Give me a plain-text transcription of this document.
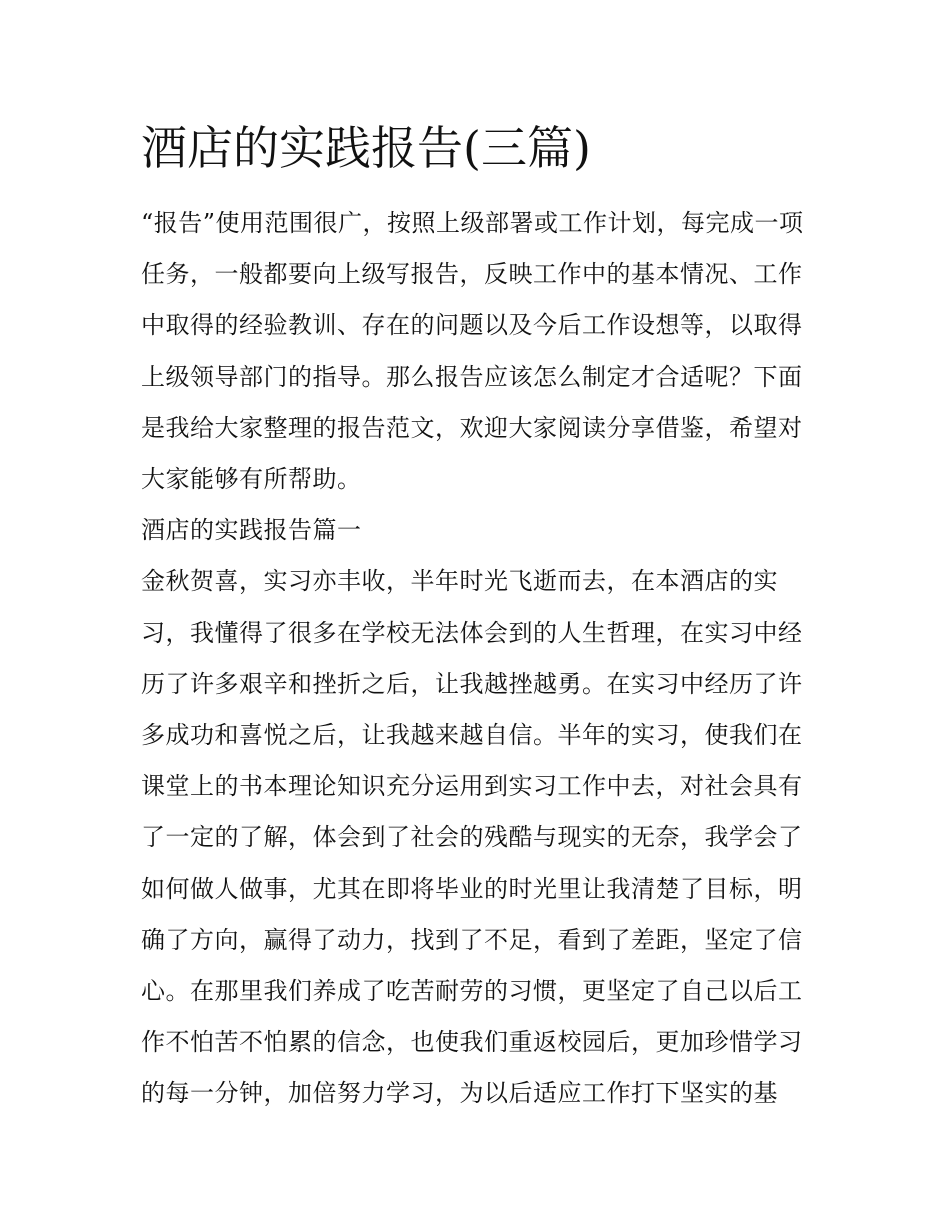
酒店的实践报告(三篇)

“报告”使用范围很广，按照上级部署或工作计划，每完成一项
任务，一般都要向上级写报告，反映工作中的基本情况、工作
中取得的经验教训、存在的问题以及今后工作设想等，以取得
上级领导部门的指导。那么报告应该怎么制定才合适呢？下面
是我给大家整理的报告范文，欢迎大家阅读分享借鉴，希望对
大家能够有所帮助。

酒店的实践报告篇一

金秋贺喜，实习亦丰收，半年时光飞逝而去，在本酒店的实
习，我懂得了很多在学校无法体会到的人生哲理，在实习中经
历了许多艰辛和挫折之后，让我越挫越勇。在实习中经历了许
多成功和喜悦之后，让我越来越自信。半年的实习，使我们在
课堂上的书本理论知识充分运用到实习工作中去，对社会具有
了一定的了解，体会到了社会的残酷与现实的无奈，我学会了
如何做人做事，尤其在即将毕业的时光里让我清楚了目标，明
确了方向，赢得了动力，找到了不足，看到了差距，坚定了信
心。在那里我们养成了吃苦耐劳的习惯，更坚定了自己以后工
作不怕苦不怕累的信念，也使我们重返校园后，更加珍惜学习
的每一分钟，加倍努力学习，为以后适应工作打下坚实的基
